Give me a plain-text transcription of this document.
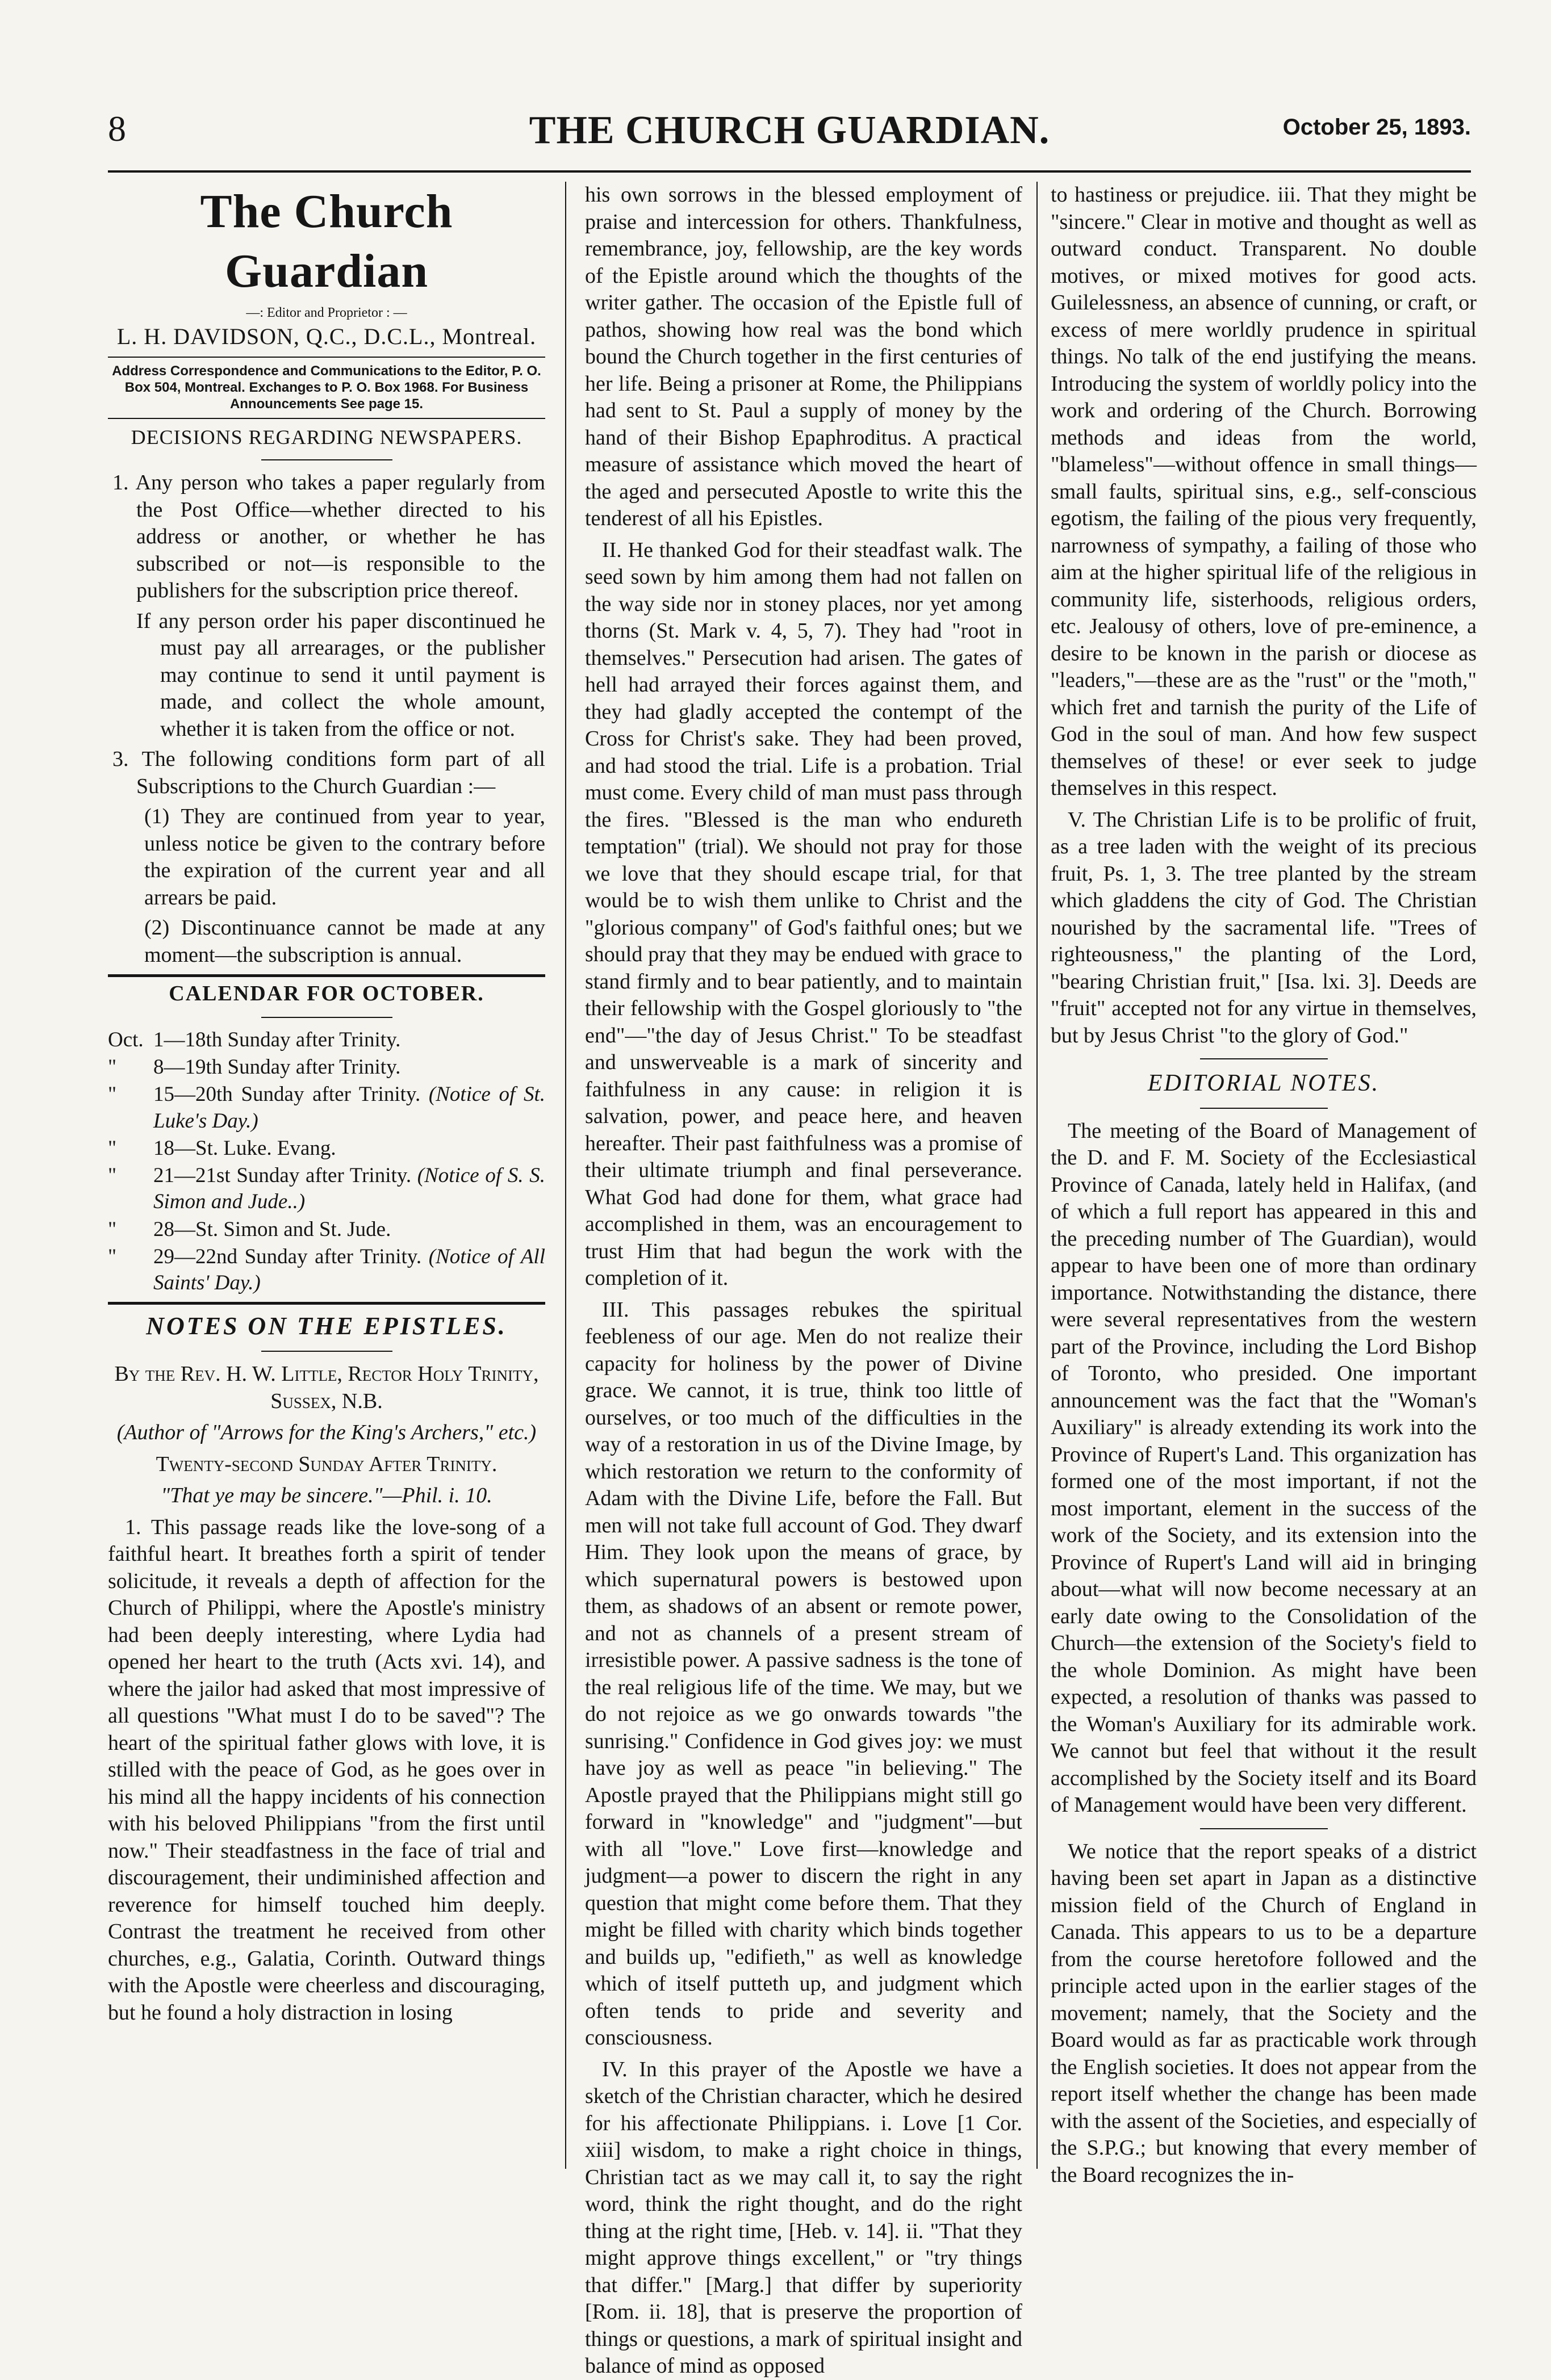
8	THE CHURCH GUARDIAN.	October 25, 1893.
The Church Guardian
—: Editor and Proprietor : —
L. H. DAVIDSON, Q.C., D.C.L., Montreal.
Address Correspondence and Communications to the Editor, P. O. Box 504, Montreal. Exchanges to P. O. Box 1968. For Business Announcements See page 15.
DECISIONS REGARDING NEWSPAPERS.
1. Any person who takes a paper regularly from the Post Office—whether directed to his address or another, or whether he has subscribed or not—is responsible to the publishers for the subscription price thereof.
If any person order his paper discontinued he must pay all arrearages, or the publisher may continue to send it until payment is made, and collect the whole amount, whether it is taken from the office or not.
3. The following conditions form part of all Subscriptions to the Church Guardian :—
(1) They are continued from year to year, unless notice be given to the contrary before the expiration of the current year and all arrears be paid.
(2) Discontinuance cannot be made at any moment—the subscription is annual.
CALENDAR FOR OCTOBER.
Oct. 1—18th Sunday after Trinity.
"	8—19th Sunday after Trinity.
"	15—20th Sunday after Trinity. (Notice of St. Luke's Day.)
"	18—St. Luke. Evang.
"	21—21st Sunday after Trinity. (Notice of S. S. Simon and Jude..)
"	28—St. Simon and St. Jude.
"	29—22nd Sunday after Trinity. (Notice of All Saints' Day.)
NOTES ON THE EPISTLES.

By the Rev. H. W. Little, Rector Holy Trinity, Sussex, N.B.

(Author of "Arrows for the King's Archers," etc.)

Twenty-second Sunday After Trinity.

"That ye may be sincere."—Phil. i. 10.

1. This passage reads like the love-song of a faithful heart. It breathes forth a spirit of tender solicitude, it reveals a depth of affection for the Church of Philippi, where the Apostle's ministry had been deeply interesting, where Lydia had opened her heart to the truth (Acts xvi. 14), and where the jailor had asked that most impressive of all questions "What must I do to be saved"? The heart of the spiritual father glows with love, it is stilled with the peace of God, as he goes over in his mind all the happy incidents of his connection with his beloved Philippians "from the first until now." Their steadfastness in the face of trial and discouragement, their undiminished affection and reverence for himself touched him deeply. Contrast the treatment he received from other churches, e.g., Galatia, Corinth. Outward things with the Apostle were cheerless and discouraging, but he found a holy distraction in losing

his own sorrows in the blessed employment of praise and intercession for others. Thankfulness, remembrance, joy, fellowship, are the key words of the Epistle around which the thoughts of the writer gather. The occasion of the Epistle full of pathos, showing how real was the bond which bound the Church together in the first centuries of her life. Being a prisoner at Rome, the Philippians had sent to St. Paul a supply of money by the hand of their Bishop Epaphroditus. A practical measure of assistance which moved the heart of the aged and persecuted Apostle to write this the tenderest of all his Epistles.

II. He thanked God for their steadfast walk. The seed sown by him among them had not fallen on the way side nor in stoney places, nor yet among thorns (St. Mark v. 4, 5, 7). They had "root in themselves." Persecution had arisen. The gates of hell had arrayed their forces against them, and they had gladly accepted the contempt of the Cross for Christ's sake. They had been proved, and had stood the trial. Life is a probation. Trial must come. Every child of man must pass through the fires. "Blessed is the man who endureth temptation" (trial). We should not pray for those we love that they should escape trial, for that would be to wish them unlike to Christ and the "glorious company" of God's faithful ones; but we should pray that they may be endued with grace to stand firmly and to bear patiently, and to maintain their fellowship with the Gospel gloriously to "the end"—"the day of Jesus Christ." To be steadfast and unswerveable is a mark of sincerity and faithfulness in any cause: in religion it is salvation, power, and peace here, and heaven hereafter. Their past faithfulness was a promise of their ultimate triumph and final perseverance. What God had done for them, what grace had accomplished in them, was an encouragement to trust Him that had begun the work with the completion of it.

III. This passages rebukes the spiritual feebleness of our age. Men do not realize their capacity for holiness by the power of Divine grace. We cannot, it is true, think too little of ourselves, or too much of the difficulties in the way of a restoration in us of the Divine Image, by which restoration we return to the conformity of Adam with the Divine Life, before the Fall. But men will not take full account of God. They dwarf Him. They look upon the means of grace, by which supernatural powers is bestowed upon them, as shadows of an absent or remote power, and not as channels of a present stream of irresistible power. A passive sadness is the tone of the real religious life of the time. We may, but we do not rejoice as we go onwards towards "the sunrising." Confidence in God gives joy: we must have joy as well as peace "in believing." The Apostle prayed that the Philippians might still go forward in "knowledge" and "judgment"—but with all "love." Love first—knowledge and judgment—a power to discern the right in any question that might come before them. That they might be filled with charity which binds together and builds up, "edifieth," as well as knowledge which of itself putteth up, and judgment which often tends to pride and severity and consciousness.

IV. In this prayer of the Apostle we have a sketch of the Christian character, which he desired for his affectionate Philippians. i. Love [1 Cor. xiii] wisdom, to make a right choice in things, Christian tact as we may call it, to say the right word, think the right thought, and do the right thing at the right time, [Heb. v. 14]. ii. "That they might approve things excellent," or "try things that differ." [Marg.] that differ by superiority [Rom. ii. 18], that is preserve the proportion of things or questions, a mark of spiritual insight and balance of mind as opposed

to hastiness or prejudice. iii. That they might be "sincere." Clear in motive and thought as well as outward conduct. Transparent. No double motives, or mixed motives for good acts. Guilelessness, an absence of cunning, or craft, or excess of mere worldly prudence in spiritual things. No talk of the end justifying the means. Introducing the system of worldly policy into the work and ordering of the Church. Borrowing methods and ideas from the world, "blameless"—without offence in small things—small faults, spiritual sins, e.g., self-conscious egotism, the failing of the pious very frequently, narrowness of sympathy, a failing of those who aim at the higher spiritual life of the religious in community life, sisterhoods, religious orders, etc. Jealousy of others, love of pre-eminence, a desire to be known in the parish or diocese as "leaders,"—these are as the "rust" or the "moth," which fret and tarnish the purity of the Life of God in the soul of man. And how few suspect themselves of these! or ever seek to judge themselves in this respect.

V. The Christian Life is to be prolific of fruit, as a tree laden with the weight of its precious fruit, Ps. 1, 3. The tree planted by the stream which gladdens the city of God. The Christian nourished by the sacramental life. "Trees of righteousness," the planting of the Lord, "bearing Christian fruit," [Isa. lxi. 3]. Deeds are "fruit" accepted not for any virtue in themselves, but by Jesus Christ "to the glory of God."

EDITORIAL NOTES.

The meeting of the Board of Management of the D. and F. M. Society of the Ecclesiastical Province of Canada, lately held in Halifax, (and of which a full report has appeared in this and the preceding number of The Guardian), would appear to have been one of more than ordinary importance. Notwithstanding the distance, there were several representatives from the western part of the Province, including the Lord Bishop of Toronto, who presided. One important announcement was the fact that the "Woman's Auxiliary" is already extending its work into the Province of Rupert's Land. This organization has formed one of the most important, if not the most important, element in the success of the work of the Society, and its extension into the Province of Rupert's Land will aid in bringing about—what will now become necessary at an early date owing to the Consolidation of the Church—the extension of the Society's field to the whole Dominion. As might have been expected, a resolution of thanks was passed to the Woman's Auxiliary for its admirable work. We cannot but feel that without it the result accomplished by the Society itself and its Board of Management would have been very different.

We notice that the report speaks of a district having been set apart in Japan as a distinctive mission field of the Church of England in Canada. This appears to us to be a departure from the course heretofore followed and the principle acted upon in the earlier stages of the movement; namely, that the Society and the Board would as far as practicable work through the English societies. It does not appear from the report itself whether the change has been made with the assent of the Societies, and especially of the S.P.G.; but knowing that every member of the Board recognizes the in-
